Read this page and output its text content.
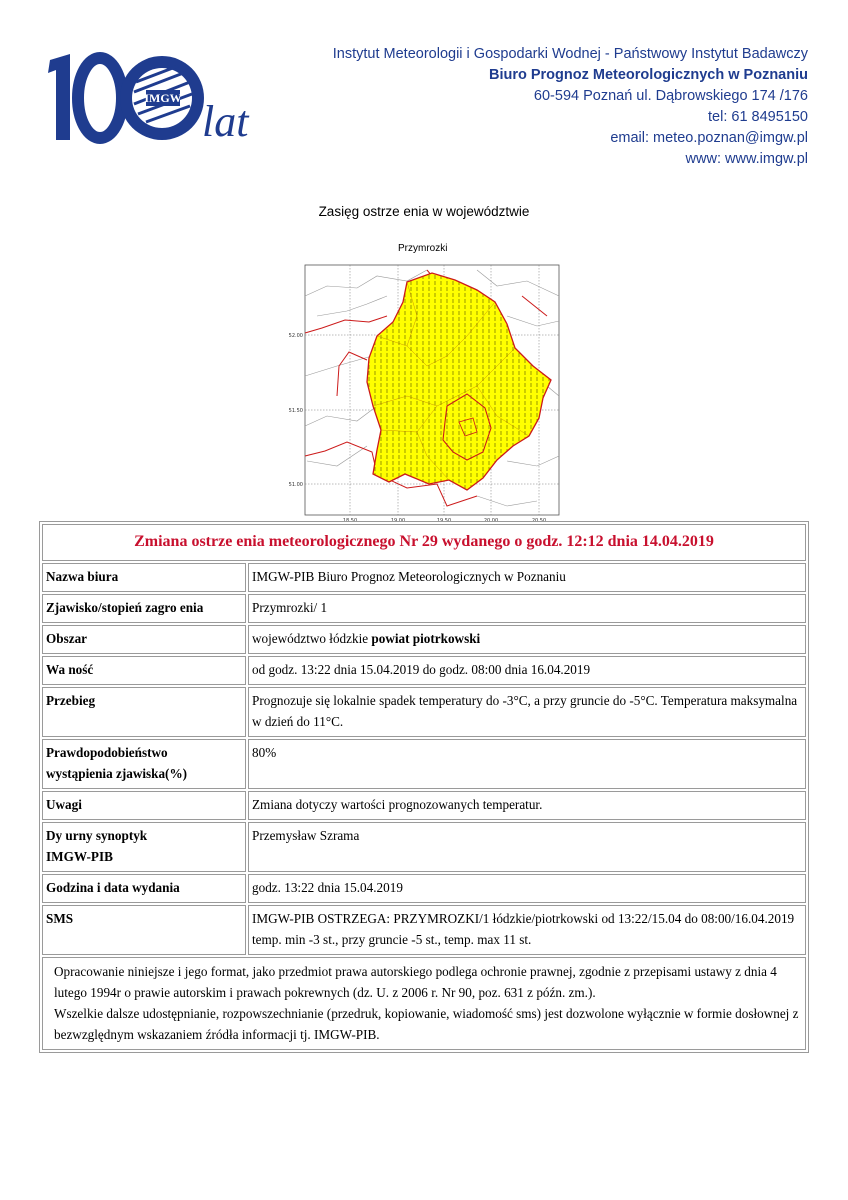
IMGW lat
Instytut Meteorologii i Gospodarki Wodnej - Państwowy Instytut Badawczy
Biuro Prognoz Meteorologicznych w Poznaniu
60-594 Poznań ul. Dąbrowskiego 174 /176
tel: 61 8495150
email: meteo.poznan@imgw.pl
www: www.imgw.pl
Zasięg ostrze enia w województwie
Przymrozki
52.00
51.50
51.00
18.50	19.00	19.50	20.00	20.50
Zmiana ostrze enia meteorologicznego Nr 29 wydanego o godz. 12:12 dnia 14.04.2019	
Nazwa biura	IMGW-PIB Biuro Prognoz Meteorologicznych w Poznaniu
Zjawisko/stopień zagro enia	Przymrozki/ 1
Obszar	województwo łódzkie powiat piotrkowski
Wa ność	od godz. 13:22 dnia 15.04.2019 do godz. 08:00 dnia 16.04.2019
Przebieg	Prognozuje się lokalnie spadek temperatury do -3°C, a przy gruncie do -5°C. Temperatura maksymalna w dzień do 11°C.

Prawdopodobieństwo
wystąpienia zjawiska(%)	80%
Uwagi	Zmiana dotyczy wartości prognozowanych temperatur.

Dy urny synoptyk
IMGW-PIB	Przemysław Szrama
Godzina i data wydania	godz. 13:22 dnia 15.04.2019
SMS	IMGW-PIB OSTRZEGA: PRZYMROZKI/1 łódzkie/piotrkowski od 13:22/15.04 do 08:00/16.04.2019 temp. min -3 st., przy gruncie -5 st., temp. max 11 st.

Opracowanie niniejsze i jego format, jako przedmiot prawa autorskiego podlega ochronie prawnej, zgodnie z przepisami ustawy z dnia 4 lutego 1994r o prawie autorskim i prawach pokrewnych (dz. U. z 2006 r. Nr 90, poz. 631 z późn. zm.).
Wszelkie dalsze udostępnianie, rozpowszechnianie (przedruk, kopiowanie, wiadomość sms) jest dozwolone wyłącznie w formie dosłownej z bezwzględnym wskazaniem źródła informacji tj. IMGW-PIB.	
